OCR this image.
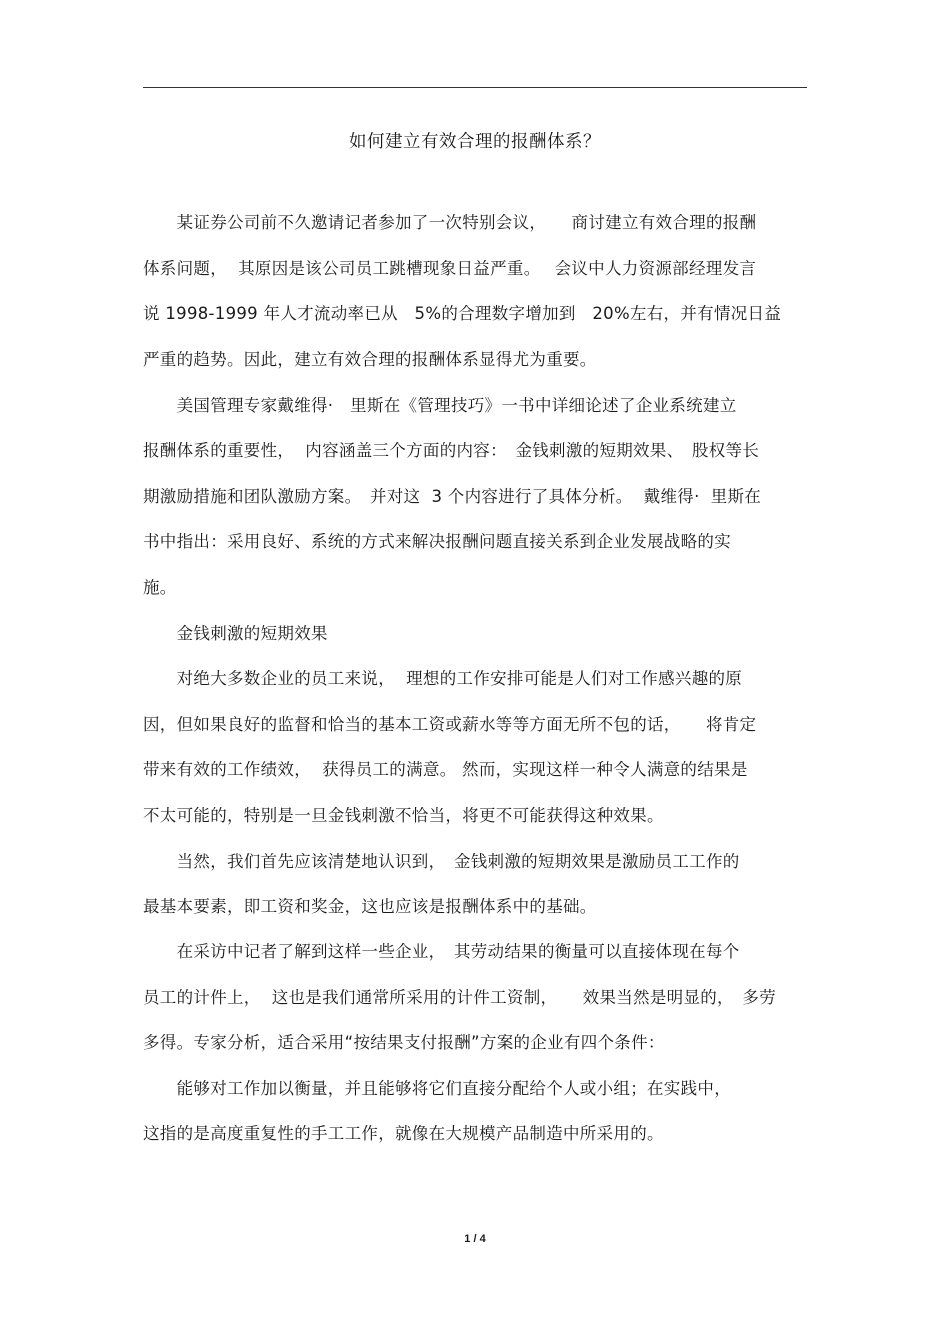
如何建立有效合理的报酬体系？
　　某证券公司前不久邀请记者参加了一次特别会议，　　商讨建立有效合理的报酬
体系问题，  其原因是该公司员工跳槽现象日益严重。　 会议中人力资源部经理发言
说 1998-1999 年人才流动率已从   5%的合理数字增加到   20%左右，并有情况日益
严重的趋势。因此，建立有效合理的报酬体系显得尤为重要。
　　美国管理专家戴维得·　里斯在《管理技巧》一书中详细论述了企业系统建立
报酬体系的重要性，  内容涵盖三个方面的内容：　金钱刺激的短期效果、　股权等长
期激励措施和团队激励方案。　并对这  3 个内容进行了具体分析。  戴维得·  里斯在
书中指出：采用良好、系统的方式来解决报酬问题直接关系到企业发展战略的实
施。
　　金钱刺激的短期效果
　　对绝大多数企业的员工来说，  理想的工作安排可能是人们对工作感兴趣的原
因，但如果良好的监督和恰当的基本工资或薪水等等方面无所不包的话，　　将肯定
带来有效的工作绩效，  获得员工的满意。 然而，实现这样一种令人满意的结果是
不太可能的，特别是一旦金钱刺激不恰当，将更不可能获得这种效果。
　　当然，我们首先应该清楚地认识到，　金钱刺激的短期效果是激励员工工作的
最基本要素，即工资和奖金，这也应该是报酬体系中的基础。
　　在采访中记者了解到这样一些企业，　其劳动结果的衡量可以直接体现在每个
员工的计件上，  这也是我们通常所采用的计件工资制，　　效果当然是明显的，　多劳
多得。专家分析，适合采用“按结果支付报酬”方案的企业有四个条件：
　　能够对工作加以衡量，并且能够将它们直接分配给个人或小组；在实践中，
这指的是高度重复性的手工工作，就像在大规模产品制造中所采用的。
1 / 4
